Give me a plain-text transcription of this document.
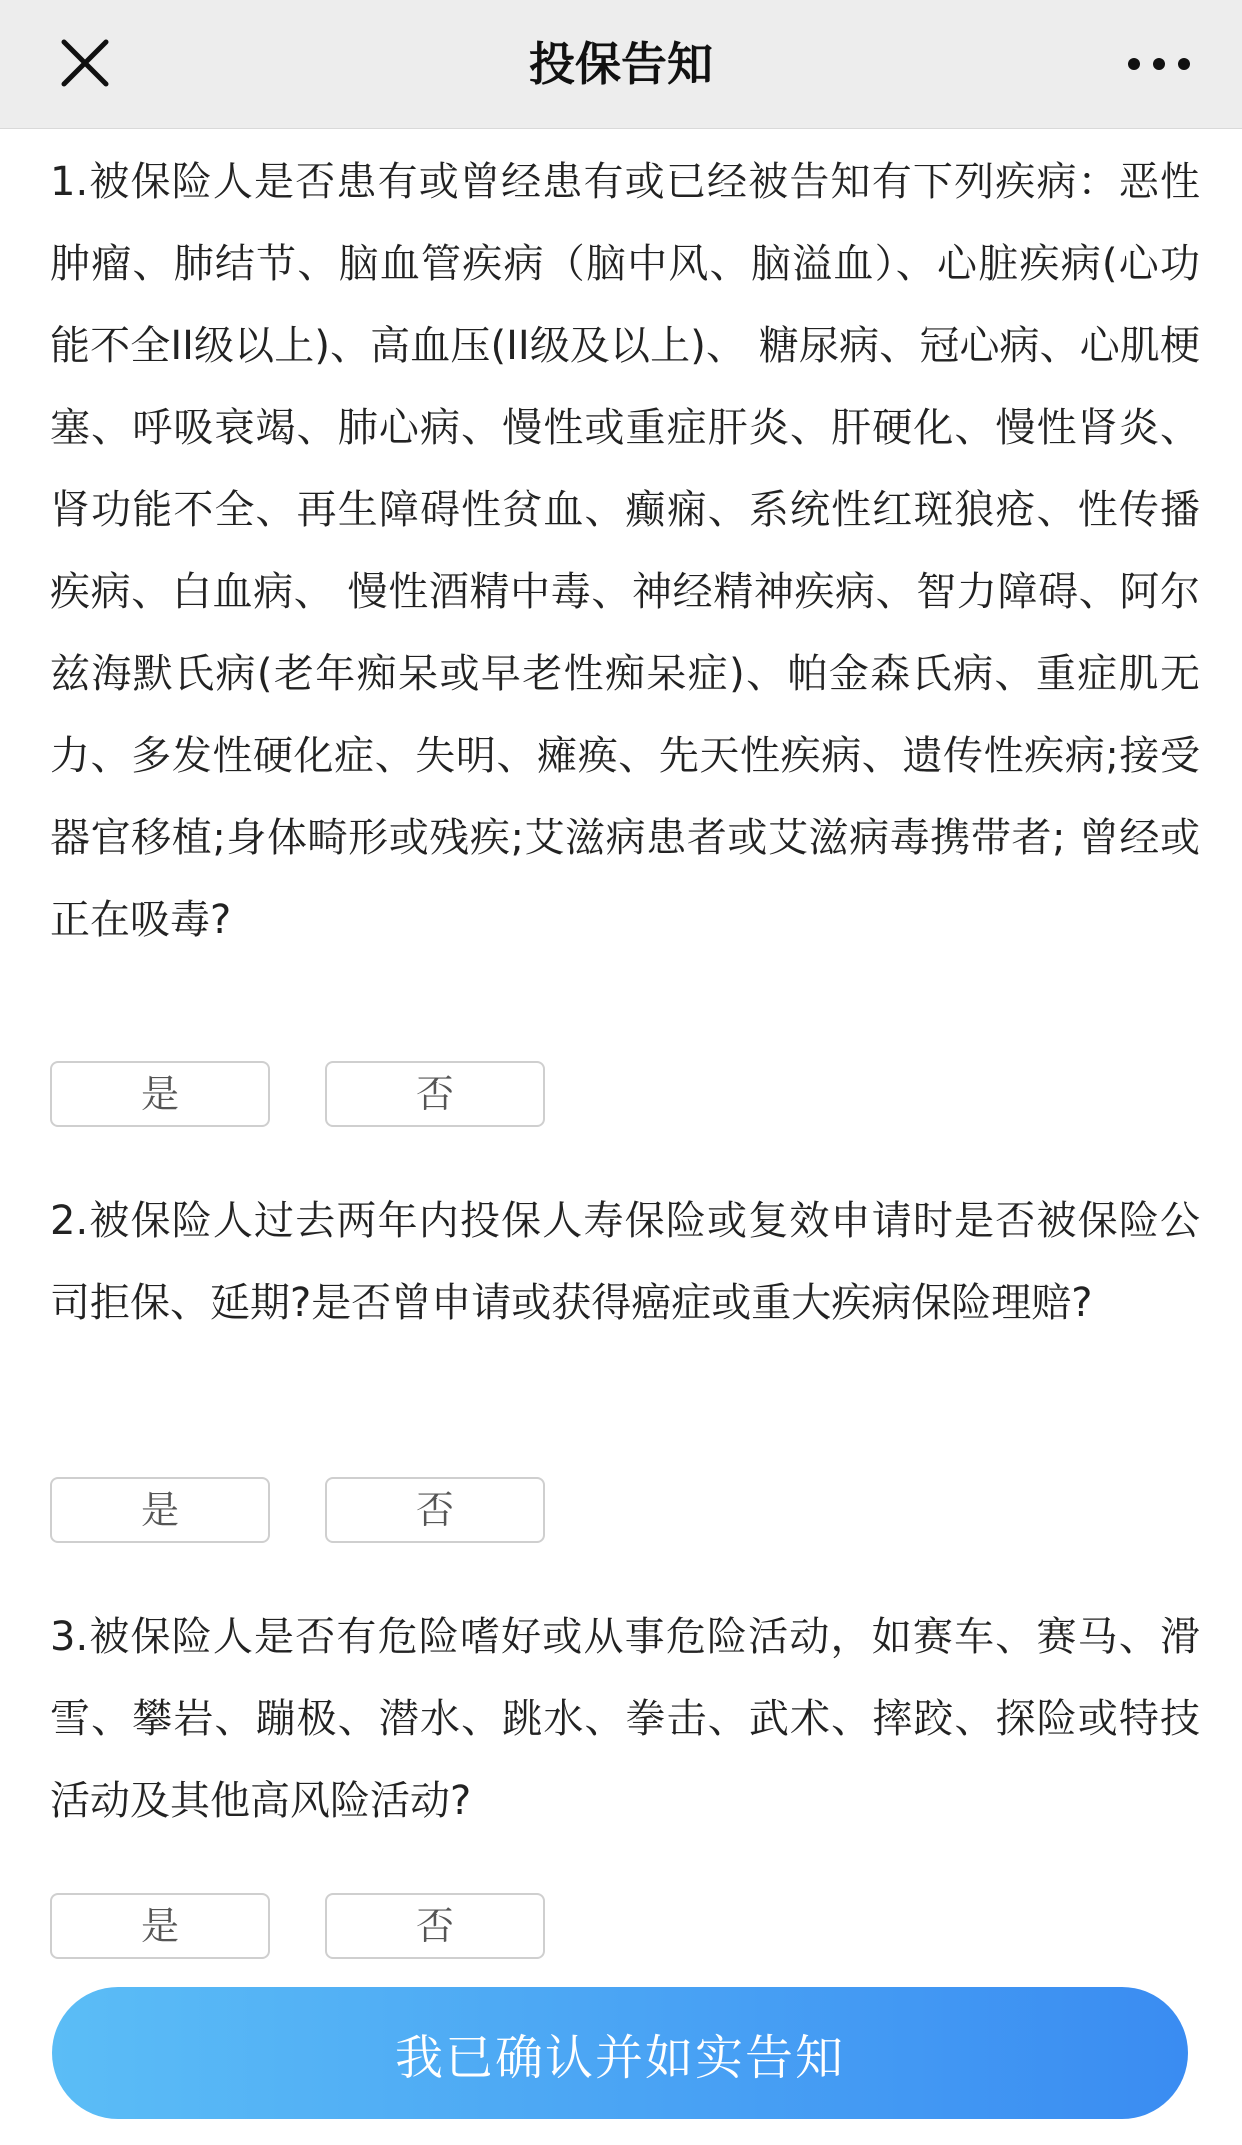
投保告知

1.被保险人是否患有或曾经患有或已经被告知有下列疾病：恶性肿瘤、肺结节、脑血管疾病（脑中风、脑溢血）、心脏疾病(心功能不全II级以上)、高血压(II级及以上)、 糖尿病、冠心病、心肌梗塞、呼吸衰竭、肺心病、慢性或重症肝炎、肝硬化、慢性肾炎、 肾功能不全、再生障碍性贫血、癫痫、系统性红斑狼疮、性传播疾病、白血病、 慢性酒精中毒、神经精神疾病、智力障碍、阿尔兹海默氏病(老年痴呆或早老性痴呆症)、帕金森氏病、重症肌无力、多发性硬化症、失明、瘫痪、先天性疾病、遗传性疾病;接受器官移植;身体畸形或残疾;艾滋病患者或艾滋病毒携带者; 曾经或正在吸毒?

是	否

2.被保险人过去两年内投保人寿保险或复效申请时是否被保险公司拒保、延期?是否曾申请或获得癌症或重大疾病保险理赔?

是	否

3.被保险人是否有危险嗜好或从事危险活动，如赛车、赛马、滑雪、攀岩、蹦极、潜水、跳水、拳击、武术、摔跤、探险或特技活动及其他高风险活动?

是	否
我已确认并如实告知
